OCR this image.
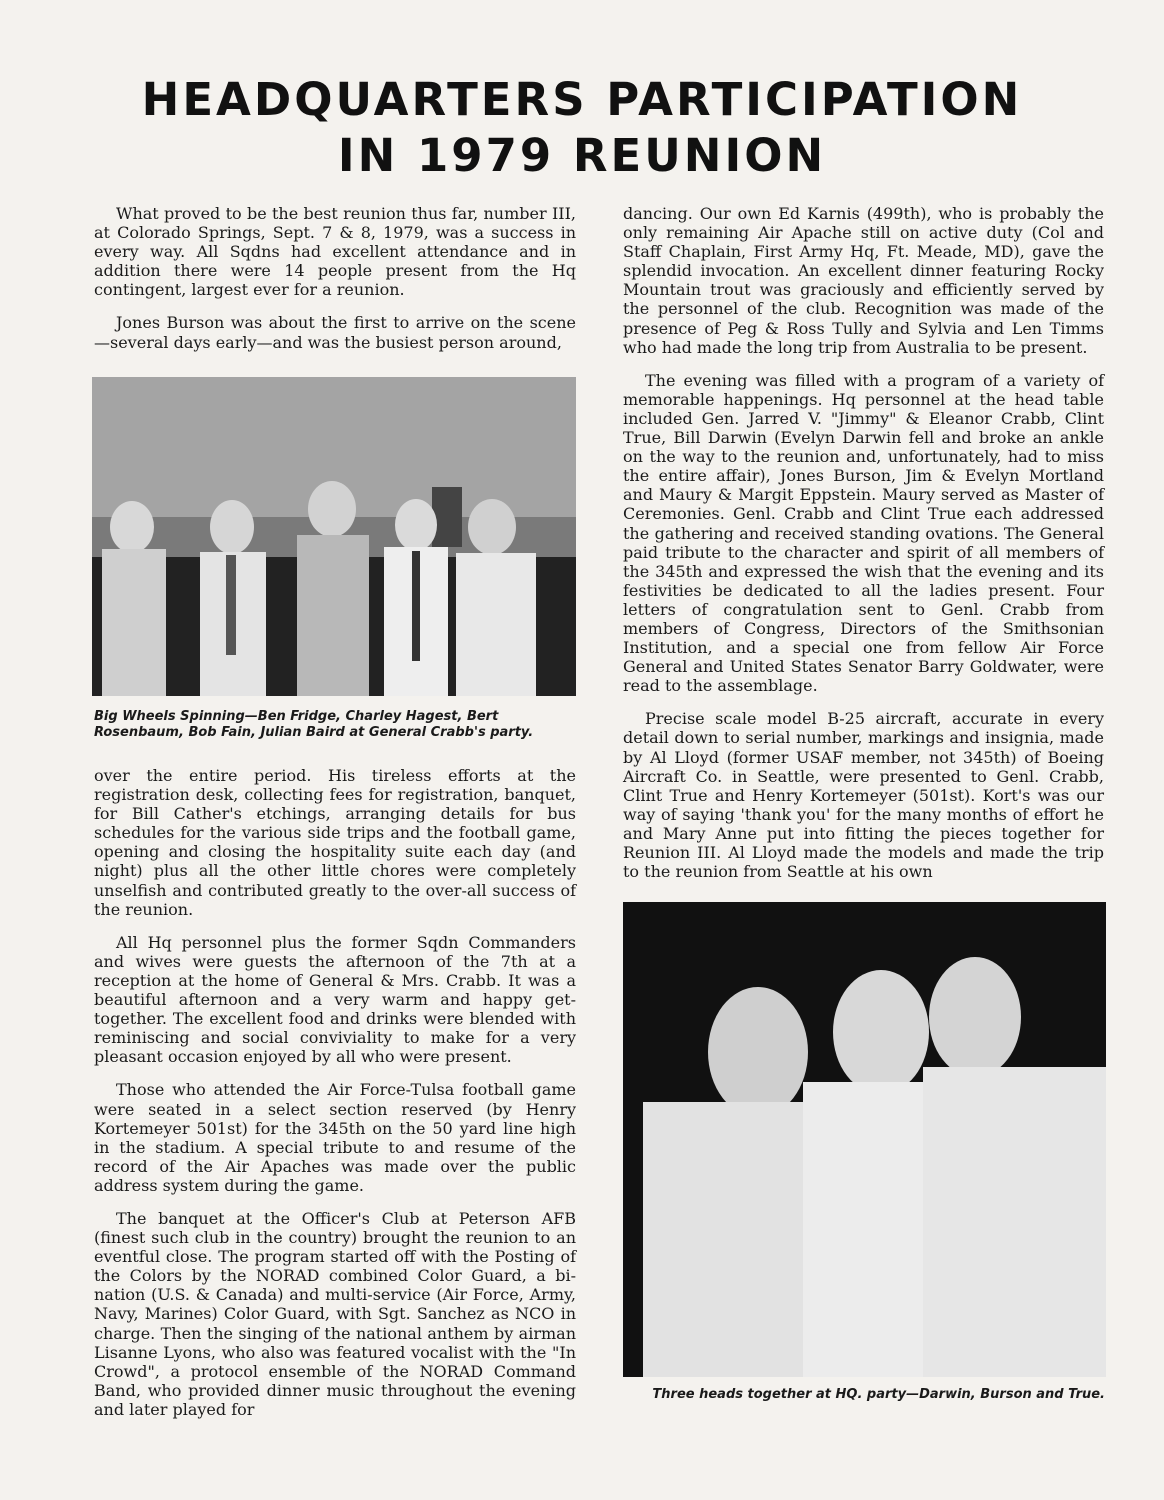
HEADQUARTERS PARTICIPATION
IN 1979 REUNION

What proved to be the best reunion thus far, number III, at Colorado Springs, Sept. 7 & 8, 1979, was a success in every way. All Sqdns had excellent attendance and in addition there were 14 people present from the Hq contingent, largest ever for a reunion.

Jones Burson was about the first to arrive on the scene —several days early—and was the busiest person around,

Big Wheels Spinning—Ben Fridge, Charley Hagest, Bert Rosenbaum, Bob Fain, Julian Baird at General Crabb's party.

over the entire period. His tireless efforts at the registration desk, collecting fees for registration, banquet, for Bill Cather's etchings, arranging details for bus schedules for the various side trips and the football game, opening and closing the hospitality suite each day (and night) plus all the other little chores were completely unselfish and contributed greatly to the over-all success of the reunion.

All Hq personnel plus the former Sqdn Commanders and wives were guests the afternoon of the 7th at a reception at the home of General & Mrs. Crabb. It was a beautiful afternoon and a very warm and happy get-together. The excellent food and drinks were blended with reminiscing and social conviviality to make for a very pleasant occasion enjoyed by all who were present.

Those who attended the Air Force-Tulsa football game were seated in a select section reserved (by Henry Kortemeyer 501st) for the 345th on the 50 yard line high in the stadium. A special tribute to and resume of the record of the Air Apaches was made over the public address system during the game.

The banquet at the Officer's Club at Peterson AFB (finest such club in the country) brought the reunion to an eventful close. The program started off with the Posting of the Colors by the NORAD combined Color Guard, a bi-nation (U.S. & Canada) and multi-service (Air Force, Army, Navy, Marines) Color Guard, with Sgt. Sanchez as NCO in charge. Then the singing of the national anthem by airman Lisanne Lyons, who also was featured vocalist with the "In Crowd", a protocol ensemble of the NORAD Command Band, who provided dinner music throughout the evening and later played for

dancing. Our own Ed Karnis (499th), who is probably the only remaining Air Apache still on active duty (Col and Staff Chaplain, First Army Hq, Ft. Meade, MD), gave the splendid invocation. An excellent dinner featuring Rocky Mountain trout was graciously and efficiently served by the personnel of the club. Recognition was made of the presence of Peg & Ross Tully and Sylvia and Len Timms who had made the long trip from Australia to be present.

The evening was filled with a program of a variety of memorable happenings. Hq personnel at the head table included Gen. Jarred V. "Jimmy" & Eleanor Crabb, Clint True, Bill Darwin (Evelyn Darwin fell and broke an ankle on the way to the reunion and, unfortunately, had to miss the entire affair), Jones Burson, Jim & Evelyn Mortland and Maury & Margit Eppstein. Maury served as Master of Ceremonies. Genl. Crabb and Clint True each addressed the gathering and received standing ovations. The General paid tribute to the character and spirit of all members of the 345th and expressed the wish that the evening and its festivities be dedicated to all the ladies present. Four letters of congratulation sent to Genl. Crabb from members of Congress, Directors of the Smithsonian Institution, and a special one from fellow Air Force General and United States Senator Barry Goldwater, were read to the assemblage.

Precise scale model B-25 aircraft, accurate in every detail down to serial number, markings and insignia, made by Al Lloyd (former USAF member, not 345th) of Boeing Aircraft Co. in Seattle, were presented to Genl. Crabb, Clint True and Henry Kortemeyer (501st). Kort's was our way of saying 'thank you' for the many months of effort he and Mary Anne put into fitting the pieces together for Reunion III. Al Lloyd made the models and made the trip to the reunion from Seattle at his own

Three heads together at HQ. party—Darwin, Burson and True.
